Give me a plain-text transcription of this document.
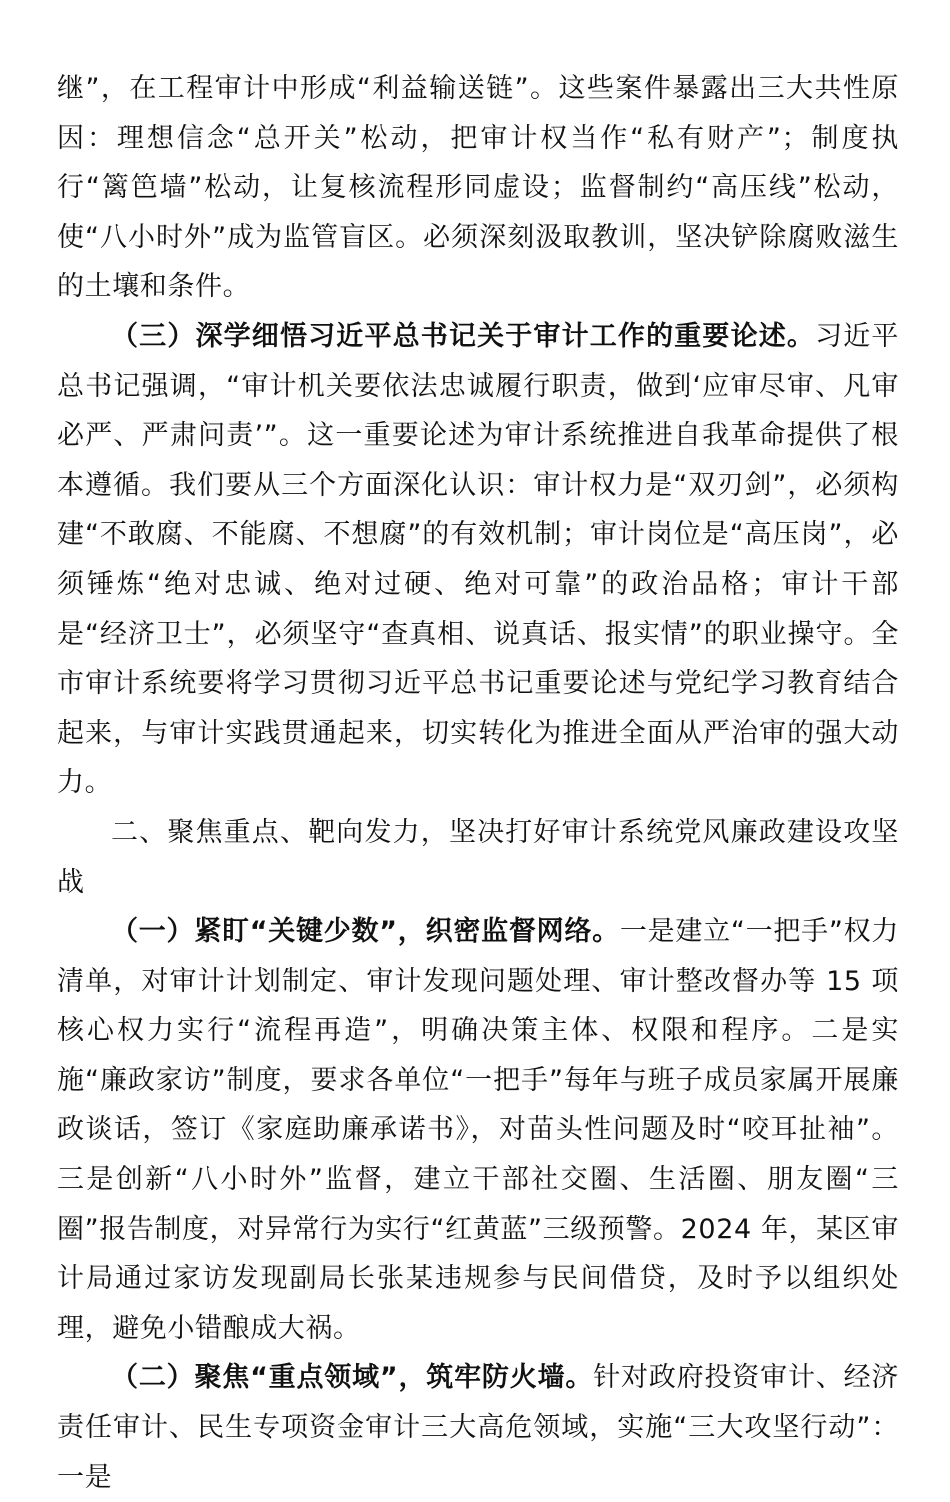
继”，在工程审计中形成“利益输送链”。这些案件暴露出三大共性原因：理想信念“总开关”松动，把审计权当作“私有财产”；制度执行“篱笆墙”松动，让复核流程形同虚设；监督制约“高压线”松动，使“八小时外”成为监管盲区。必须深刻汲取教训，坚决铲除腐败滋生的土壤和条件。

（三）深学细悟习近平总书记关于审计工作的重要论述。习近平总书记强调，“审计机关要依法忠诚履行职责，做到‘应审尽审、凡审必严、严肃问责’”。这一重要论述为审计系统推进自我革命提供了根本遵循。我们要从三个方面深化认识：审计权力是“双刃剑”，必须构建“不敢腐、不能腐、不想腐”的有效机制；审计岗位是“高压岗”，必须锤炼“绝对忠诚、绝对过硬、绝对可靠”的政治品格；审计干部是“经济卫士”，必须坚守“查真相、说真话、报实情”的职业操守。全市审计系统要将学习贯彻习近平总书记重要论述与党纪学习教育结合起来，与审计实践贯通起来，切实转化为推进全面从严治审的强大动力。

二、聚焦重点、靶向发力，坚决打好审计系统党风廉政建设攻坚战

（一）紧盯“关键少数”，织密监督网络。一是建立“一把手”权力清单，对审计计划制定、审计发现问题处理、审计整改督办等 15 项核心权力实行“流程再造”，明确决策主体、权限和程序。二是实施“廉政家访”制度，要求各单位“一把手”每年与班子成员家属开展廉政谈话，签订《家庭助廉承诺书》，对苗头性问题及时“咬耳扯袖”。三是创新“八小时外”监督，建立干部社交圈、生活圈、朋友圈“三圈”报告制度，对异常行为实行“红黄蓝”三级预警。2024 年，某区审计局通过家访发现副局长张某违规参与民间借贷，及时予以组织处理，避免小错酿成大祸。

（二）聚焦“重点领域”，筑牢防火墙。针对政府投资审计、经济责任审计、民生专项资金审计三大高危领域，实施“三大攻坚行动”：一是
